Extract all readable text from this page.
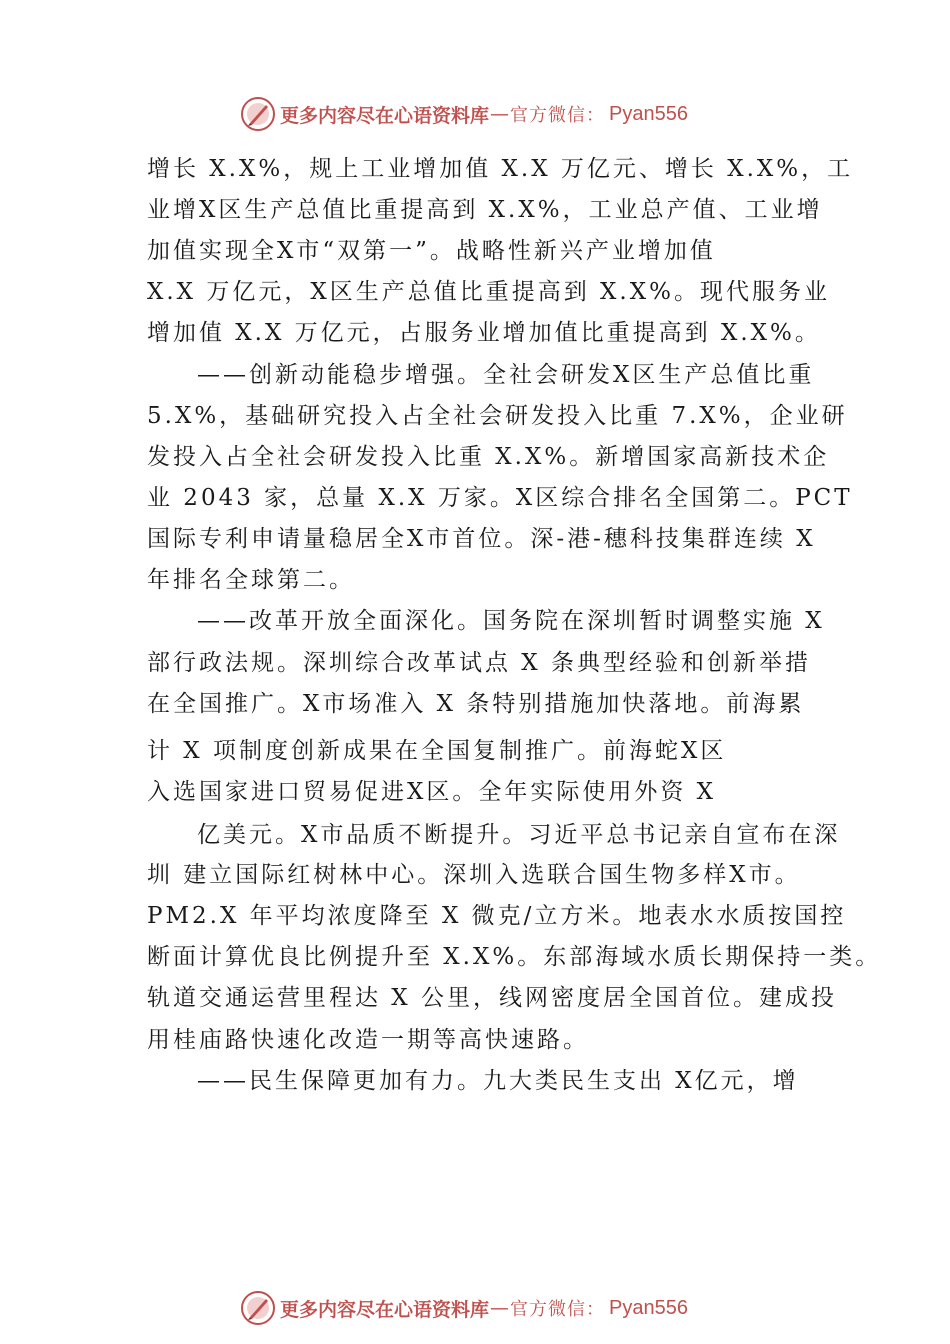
更多内容尽在心语资料库 — 官方微信： Pyan556
增长 X.X%，规上工业增加值 X.X 万亿元、增长 X.X%，工
业增X区生产总值比重提高到 X.X%，工业总产值、工业增
加值实现全X市“双第一”。战略性新兴产业增加值
X.X 万亿元，X区生产总值比重提高到 X.X%。现代服务业
增加值 X.X 万亿元，占服务业增加值比重提高到 X.X%。
——创新动能稳步增强。全社会研发X区生产总值比重
5.X%，基础研究投入占全社会研发投入比重 7.X%，企业研
发投入占全社会研发投入比重 X.X%。新增国家高新技术企
业 2043 家，总量 X.X 万家。X区综合排名全国第二。PCT
国际专利申请量稳居全X市首位。深-港-穗科技集群连续 X
年排名全球第二。
——改革开放全面深化。国务院在深圳暂时调整实施 X
部行政法规。深圳综合改革试点 X 条典型经验和创新举措
在全国推广。X市场准入 X 条特别措施加快落地。前海累
计 X 项制度创新成果在全国复制推广。前海蛇X区
入选国家进口贸易促进X区。全年实际使用外资 X
亿美元。X市品质不断提升。习近平总书记亲自宣布在深
圳 建立国际红树林中心。深圳入选联合国生物多样X市。
PM2.X 年平均浓度降至 X 微克/立方米。地表水水质按国控
断面计算优良比例提升至 X.X%。东部海域水质长期保持一类。
轨道交通运营里程达 X 公里，线网密度居全国首位。建成投
用桂庙路快速化改造一期等高快速路。
——民生保障更加有力。九大类民生支出 X亿元，增
更多内容尽在心语资料库 — 官方微信： Pyan556
